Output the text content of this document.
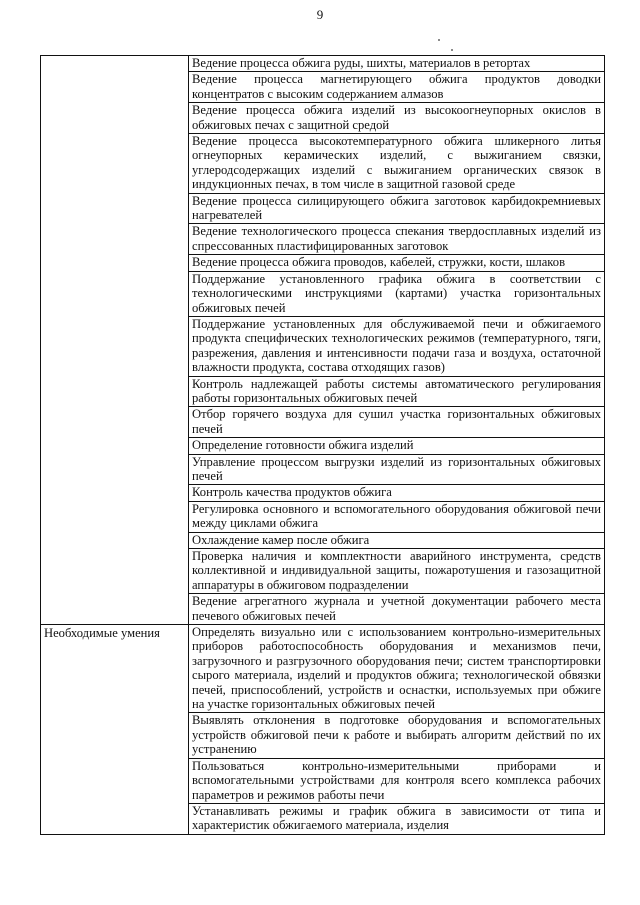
9
	Ведение процесса обжига руды, шихты, материалов в ретортах
	Ведение процесса магнетирующего обжига продуктов доводки концентратов с высоким содержанием алмазов
	Ведение процесса обжига изделий из высокоогнеупорных окислов в обжиговых печах с защитной средой
	Ведение процесса высокотемпературного обжига шликерного литья огнеупорных керамических изделий, с выжиганием связки, углеродсодержащих изделий с выжиганием органических связок в индукционных печах, в том числе в защитной газовой среде
	Ведение процесса силицирующего обжига заготовок карбидокремниевых нагревателей
	Ведение технологического процесса спекания твердосплавных изделий из спрессованных пластифицированных заготовок
	Ведение процесса обжига проводов, кабелей, стружки, кости, шлаков
	Поддержание установленного графика обжига в соответствии с технологическими инструкциями (картами) участка горизонтальных обжиговых печей
	Поддержание установленных для обслуживаемой печи и обжигаемого продукта специфических технологических режимов (температурного, тяги, разрежения, давления и интенсивности подачи газа и воздуха, остаточной влажности продукта, состава отходящих газов)
	Контроль надлежащей работы системы автоматического регулирования работы горизонтальных обжиговых печей
	Отбор горячего воздуха для сушил участка горизонтальных обжиговых печей
	Определение готовности обжига изделий
	Управление процессом выгрузки изделий из горизонтальных обжиговых печей
	Контроль качества продуктов обжига
	Регулировка основного и вспомогательного оборудования обжиговой печи между циклами обжига
	Охлаждение камер после обжига
	Проверка наличия и комплектности аварийного инструмента, средств коллективной и индивидуальной защиты, пожаротушения и газозащитной аппаратуры в обжиговом подразделении
	Ведение агрегатного журнала и учетной документации рабочего места печевого обжиговых печей
Необходимые умения	Определять визуально или с использованием контрольно-измерительных приборов работоспособность оборудования и механизмов печи, загрузочного и разгрузочного оборудования печи; систем транспортировки сырого материала, изделий и продуктов обжига; технологической обвязки печей, приспособлений, устройств и оснастки, используемых при обжиге на участке горизонтальных обжиговых печей
	Выявлять отклонения в подготовке оборудования и вспомогательных устройств обжиговой печи к работе и выбирать алгоритм действий по их устранению
	Пользоваться контрольно-измерительными приборами и вспомогательными устройствами для контроля всего комплекса рабочих параметров и режимов работы печи
	Устанавливать режимы и график обжига в зависимости от типа и характеристик обжигаемого материала, изделия
